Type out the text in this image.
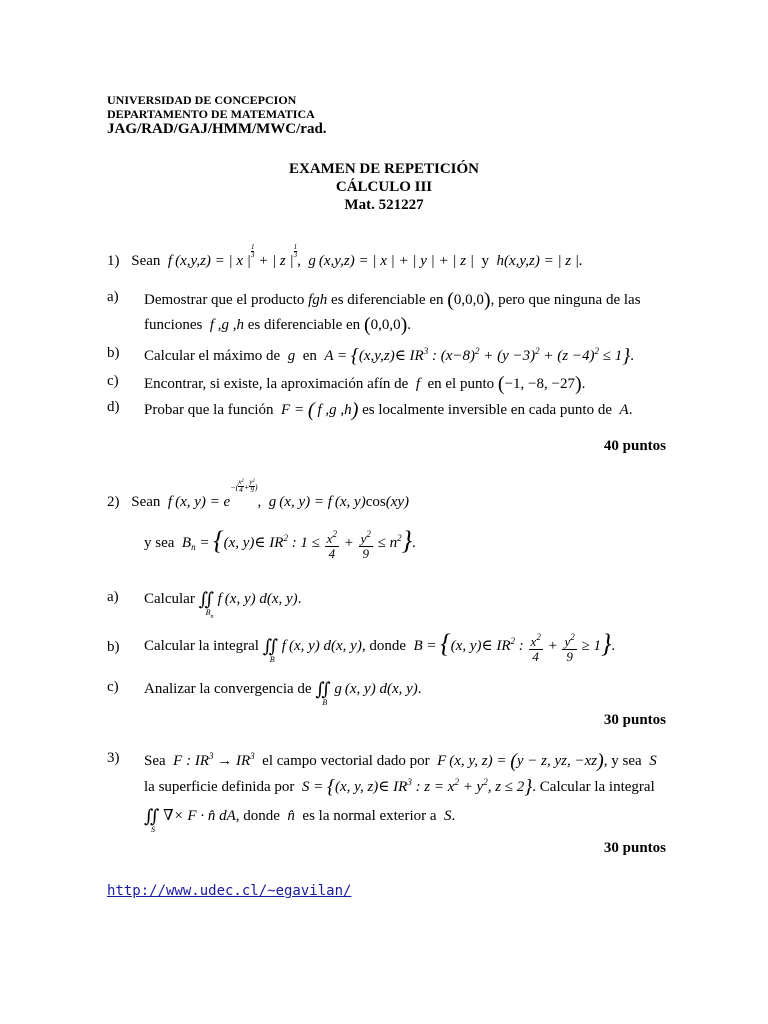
UNIVERSIDAD DE CONCEPCION
DEPARTAMENTO DE MATEMATICA
JAG/RAD/GAJ/HMM/MWC/rad.
EXAMEN DE REPETICIÓN
CÁLCULO III
Mat. 521227
1) Sean  f (x,y,z) = | x |
$\frac{1}{3}$
+ | z |
$\frac{1}{3}$
,  g (x,y,z) = | x | + | y | + | z |  y  h(x,y,z) = | z |.
a) Demostrar que el producto fgh es diferenciable en (0,0,0), pero que ninguna de las
funciones  f ,g ,h es diferenciable en (0,0,0).
b) Calcular el máximo de  g  en A = {(x,y,z)∈ $IR^3$ : $(x-8)^2 + (y -3)^2 + (z -4)^2 \le 1$}.
c) Encontrar, si existe, la aproximación afín de  f  en el punto (−1, −8, −27).
d) Probar que la función  F = ( f ,g ,h) es localmente inversible en cada punto de  A.
40 puntos
2) Sean  f (x, $y) = e^{-( \frac{x^2}{4} + \frac{y^2}{9} )}$,  g (x, y) = f (x, y)cos(xy)
y sea  $B_n = \{(x$, y)∈ $IR^2$ : $1 \le \frac{x^2}{4} + \frac{y^2}{9} \le n^2$}.
a) Calcular ∬
$B_n$
f (x, y) d(x, y).
b) Calcular la integral ∬
B
f (x, y) d(x, y), donde  B = {(x, y)∈ $IR^2$ : $\frac{x^2}{4} + \frac{y^2}{9} \ge 1$}.
c) Analizar la convergencia de ∬
B
g (x, y) d(x, y).
30 puntos
3) Sea  F : $IR^3 \to IR^3$ el campo vectorial dado por  F (x, y, z) = (y − z, yz, −xz), y sea  S
la superficie definida por  S = {(x, y, z)∈ $IR^3$ : $z = x^2 + y^2$, z ≤ 2}. Calcular la integral
∬
S
∇× F · n̂ dA, donde  n̂  es la normal exterior a  S.
30 puntos
http://www.udec.cl/~egavilan/
